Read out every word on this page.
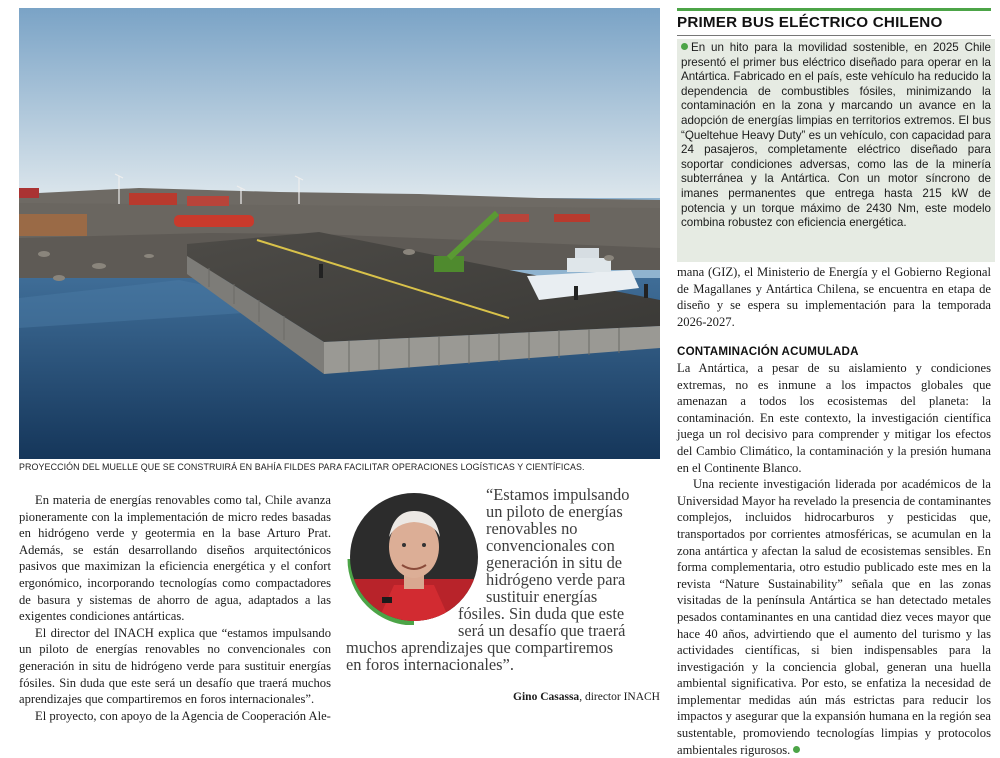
PROYECCIÓN DEL MUELLE QUE SE CONSTRUIRÁ EN BAHÍA FILDES PARA FACILITAR OPERACIONES LOGÍSTICAS Y CIENTÍFICAS.

En materia de energías renovables como tal, Chile avanza pioneramente con la implementación de micro redes basadas en hidrógeno verde y geotermia en la base Arturo Prat. Además, se están desarrollando diseños arquitectónicos pasivos que maximizan la eficiencia energética y el confort ergonómico, incorporando tecnologías como compactadores de basura y sistemas de ahorro de agua, adaptados a las exigentes condiciones antárticas.

El director del INACH explica que “estamos impulsando un piloto de energías renovables no convencionales con generación in situ de hidrógeno verde para sustituir energías fósiles. Sin duda que este será un desafío que traerá muchos aprendizajes que compartiremos en foros internacionales”.

El proyecto, con apoyo de la Agencia de Cooperación Ale-

“Estamos impulsando
un piloto de energías
renovables no
convencionales con
generación in situ de
hidrógeno verde para
sustituir energías
fósiles. Sin duda que este
será un desafío que traerá
muchos aprendizajes que compartiremos
en foros internacionales”.
Gino Casassa, director INACH
PRIMER BUS ELÉCTRICO CHILENO
En un hito para la movilidad sostenible, en 2025 Chile presentó el primer bus eléctrico diseñado para operar en la Antártica. Fabricado en el país, este vehículo ha reducido la dependencia de combustibles fósiles, minimizando la contaminación en la zona y marcando un avance en la adopción de energías limpias en territorios extremos. El bus “Queltehue Heavy Duty” es un vehículo, con capacidad para 24 pasajeros, completamente eléctrico diseñado para soportar condiciones adversas, como las de la minería subterránea y la Antártica. Con un motor síncrono de imanes permanentes que entrega hasta 215 kW de potencia y un torque máximo de 2430 Nm, este modelo combina robustez con eficiencia energética.

mana (GIZ), el Ministerio de Energía y el Gobierno Regional de Magallanes y Antártica Chilena, se encuentra en etapa de diseño y se espera su implementación para la temporada 2026-2027.

CONTAMINACIÓN ACUMULADA

La Antártica, a pesar de su aislamiento y condiciones extremas, no es inmune a los impactos globales que amenazan a todos los ecosistemas del planeta: la contaminación. En este contexto, la investigación científica juega un rol decisivo para comprender y mitigar los efectos del Cambio Climático, la contaminación y la presión humana en el Continente Blanco.

Una reciente investigación liderada por académicos de la Universidad Mayor ha revelado la presencia de contaminantes complejos, incluidos hidrocarburos y pesticidas que, transportados por corrientes atmosféricas, se acumulan en la zona antártica y afectan la salud de ecosistemas sensibles. En forma complementaria, otro estudio publicado este mes en la revista “Nature Sustainability” señala que en las zonas visitadas de la península Antártica se han detectado metales pesados contaminantes en una cantidad diez veces mayor que hace 40 años, advirtiendo que el aumento del turismo y las actividades científicas, si bien indispensables para la investigación y la conciencia global, generan una huella ambiental significativa. Por esto, se enfatiza la necesidad de implementar medidas aún más estrictas para reducir los impactos y asegurar que la expansión humana en la región sea sustentable, promoviendo tecnologías limpias y protocolos ambientales rigurosos.
